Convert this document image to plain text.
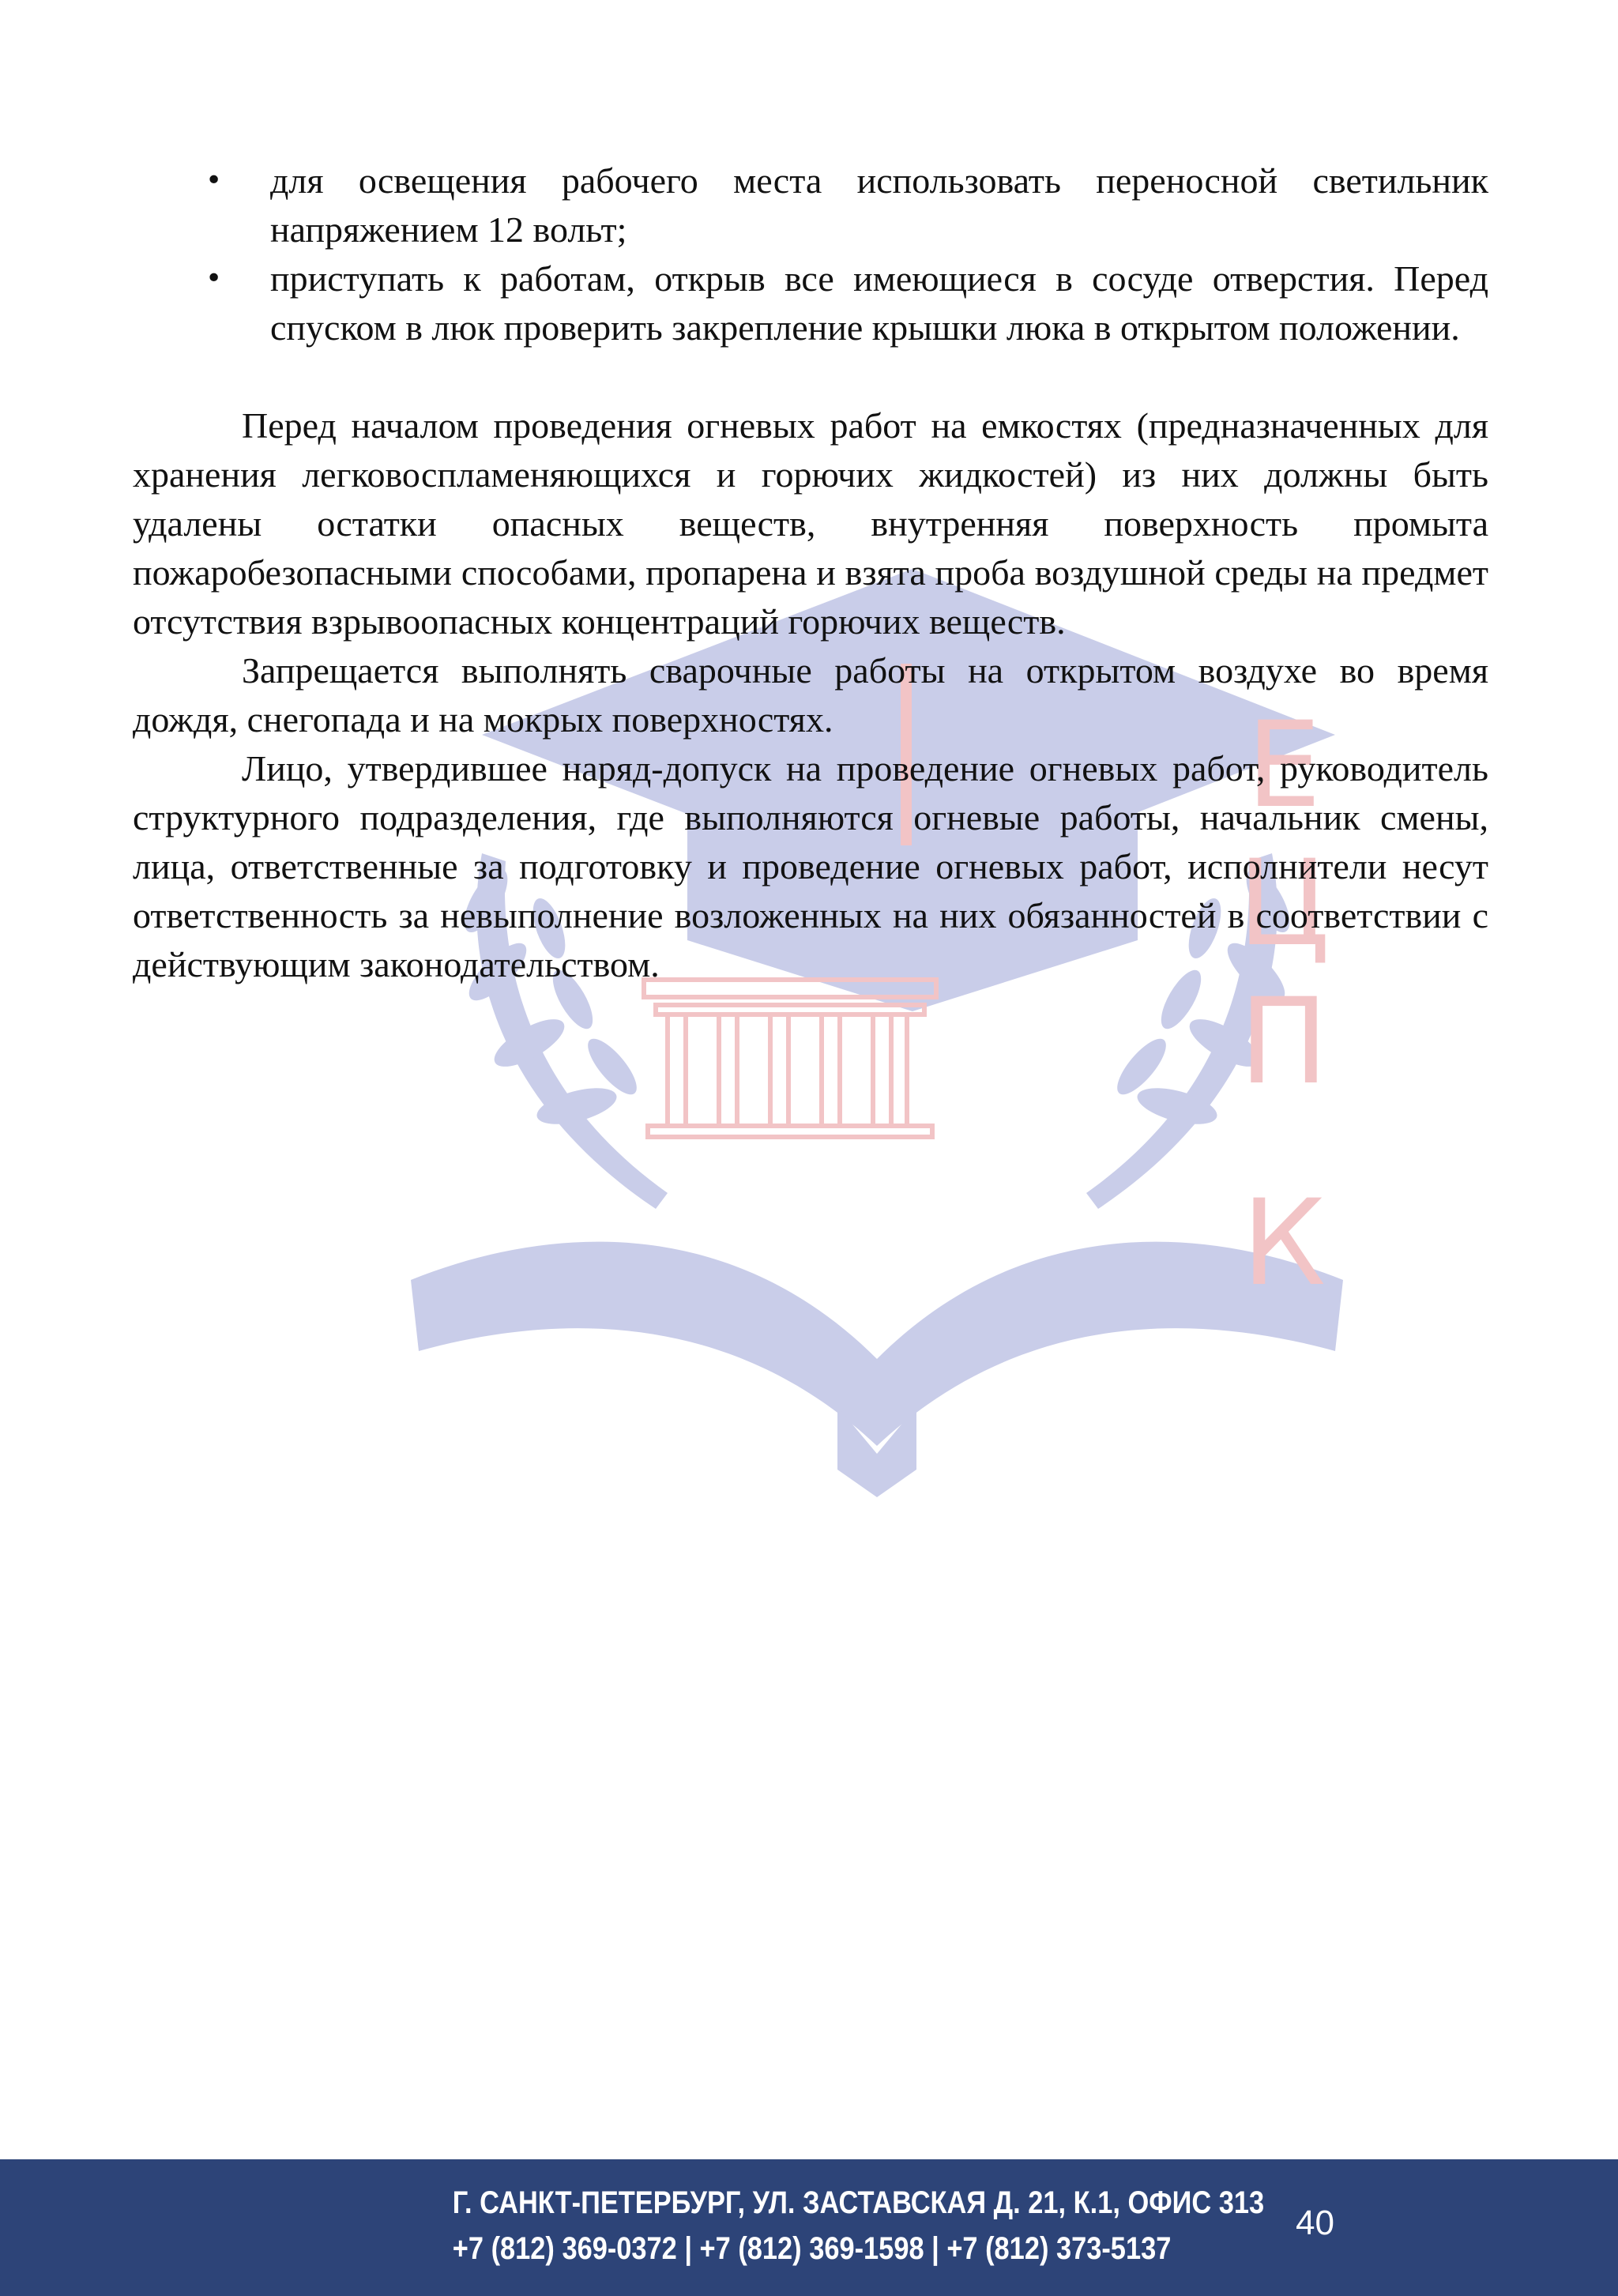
Е
Ц
П
К
• для освещения рабочего места использовать переносной светильник напряжением 12 вольт;
• приступать к работам, открыв все имеющиеся в сосуде отверстия. Перед спуском в люк проверить закрепление крышки люка в открытом положении.

Перед началом проведения огневых работ на емкостях (предназначенных для хранения легковоспламеняющихся и горючих жидкостей) из них должны быть удалены остатки опасных веществ, внутренняя поверхность промыта пожаробезопасными способами, пропарена и взята проба воздушной среды на предмет отсутствия взрывоопасных концентраций горючих веществ.

Запрещается выполнять сварочные работы на открытом воздухе во время дождя, снегопада и на мокрых поверхностях.

Лицо, утвердившее наряд-допуск на проведение огневых работ, руководитель структурного подразделения, где выполняются огневые работы, начальник смены, лица, ответственные за подготовку и проведение огневых работ, исполнители несут ответственность за невыполнение возложенных на них обязанностей в соответствии с действующим законодательством.

Г. САНКТ-ПЕТЕРБУРГ, УЛ. ЗАСТАВСКАЯ Д. 21, К.1, ОФИС 313
+7 (812) 369-0372 | +7 (812) 369-1598 | +7 (812) 373-5137
40
